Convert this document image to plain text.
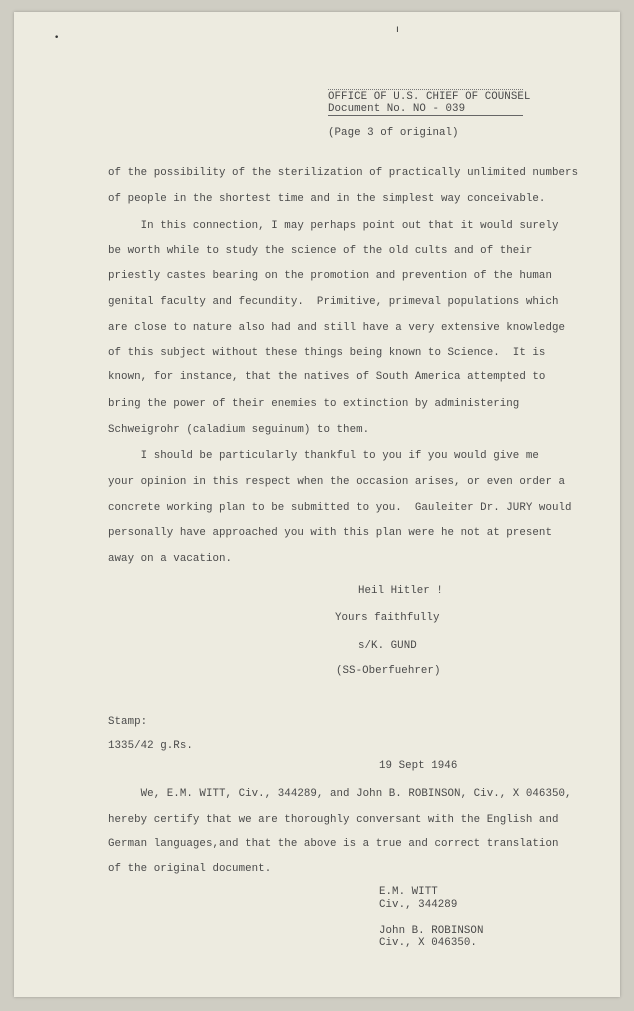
ı
•
OFFICE OF U.S. CHIEF OF COUNSEL
Document No. NO - 039
(Page 3 of original)
of the possibility of the sterilization of practically unlimited numbers
of people in the shortest time and in the simplest way conceivable.
In this connection, I may perhaps point out that it would surely
be worth while to study the science of the old cults and of their
priestly castes bearing on the promotion and prevention of the human
genital faculty and fecundity.  Primitive, primeval populations which
are close to nature also had and still have a very extensive knowledge
of this subject without these things being known to Science.  It is
known, for instance, that the natives of South America attempted to
bring the power of their enemies to extinction by administering
Schweigrohr (caladium seguinum) to them.
I should be particularly thankful to you if you would give me
your opinion in this respect when the occasion arises, or even order a
concrete working plan to be submitted to you.  Gauleiter Dr. JURY would
personally have approached you with this plan were he not at present
away on a vacation.
Heil Hitler !
Yours faithfully
s/K. GUND
(SS-Oberfuehrer)
Stamp:
1335/42 g.Rs.
19 Sept 1946
We, E.M. WITT, Civ., 344289, and John B. ROBINSON, Civ., X 046350,
hereby certify that we are thoroughly conversant with the English and
German languages,and that the above is a true and correct translation
of the original document.
E.M. WITT
Civ., 344289
John B. ROBINSON
Civ., X 046350.
